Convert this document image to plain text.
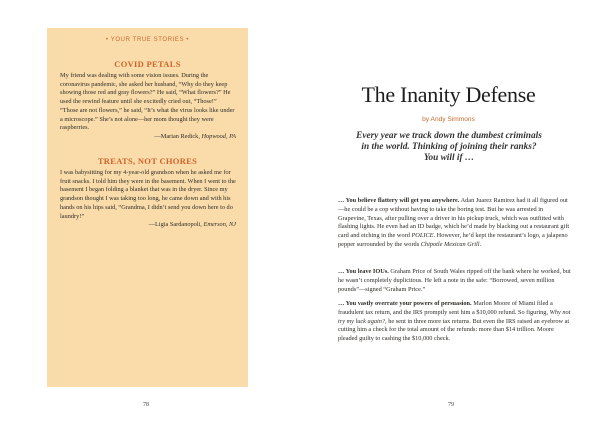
• YOUR TRUE STORIES •
COVID PETALS

My friend was dealing with some vision issues. During the coronavirus pandemic, she asked her husband, “Why do they keep showing those red and gray flowers?” He said, “What flowers?” He used the rewind feature until she excitedly cried out, “Those!” “Those are not flowers,” he said, “It’s what the virus looks like under a microscope.” She’s not alone—her mom thought they were raspberries.

—Marian Redick, Hopwood, PA
TREATS, NOT CHORES

I was babysitting for my 4-year-old grandson when he asked me for fruit snacks. I told him they were in the basement. When I went to the basement I began folding a blanket that was in the dryer. Since my grandson thought I was taking too long, he came down and with his hands on his hips said, “Grandma, I didn’t send you down here to do laundry!”

—Ligia Sardanopoli, Emerson, NJ
78
The Inanity Defense
by Andy Simmons
Every year we track down the dumbest criminals in the world. Thinking of joining their ranks? You will if …
… You believe flattery will get you anywhere. Adan Juarez Ramirez had it all figured out—he could be a cop without having to take the boring test. But he was arrested in Grapevine, Texas, after pulling over a driver in his pickup truck, which was outfitted with flashing lights. He even had an ID badge, which he’d made by blacking out a restaurant gift card and etching in the word POLICE. However, he’d kept the restaurant’s logo, a jalapeno pepper surrounded by the words Chipotle Mexican Grill.
… You leave IOUs. Graham Price of South Wales ripped off the bank where he worked, but he wasn’t completely duplicitous. He left a note in the safe: “Borrowed, seven million pounds”—signed “Graham Price.”
… You vastly overrate your powers of persuasion. Marlon Moore of Miami filed a fraudulent tax return, and the IRS promptly sent him a $10,000 refund. So figuring, Why not try my luck again?, he sent in three more tax returns. But even the IRS raised an eyebrow at cutting him a check for the total amount of the refunds: more than $14 trillion. Moore pleaded guilty to cashing the $10,000 check.
79
